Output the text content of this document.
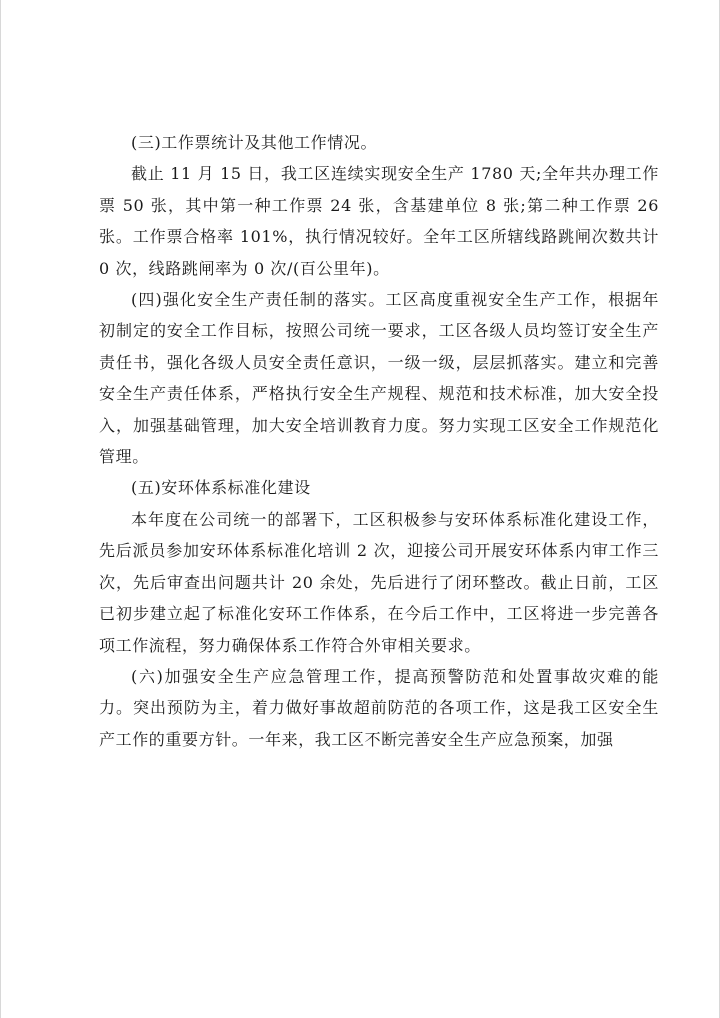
(三)工作票统计及其他工作情况。

截止 11 月 15 日，我工区连续实现安全生产 1780 天;全年共办理工作票 50 张，其中第一种工作票 24 张，含基建单位 8 张;第二种工作票 26 张。工作票合格率 101%，执行情况较好。全年工区所辖线路跳闸次数共计 0 次，线路跳闸率为 0 次/(百公里年)。

(四)强化安全生产责任制的落实。工区高度重视安全生产工作，根据年初制定的安全工作目标，按照公司统一要求，工区各级人员均签订安全生产责任书，强化各级人员安全责任意识，一级一级，层层抓落实。建立和完善安全生产责任体系，严格执行安全生产规程、规范和技术标准，加大安全投入，加强基础管理，加大安全培训教育力度。努力实现工区安全工作规范化管理。

(五)安环体系标准化建设

本年度在公司统一的部署下，工区积极参与安环体系标准化建设工作，先后派员参加安环体系标准化培训 2 次，迎接公司开展安环体系内审工作三次，先后审查出问题共计 20 余处，先后进行了闭环整改。截止日前，工区已初步建立起了标准化安环工作体系，在今后工作中，工区将进一步完善各项工作流程，努力确保体系工作符合外审相关要求。

(六)加强安全生产应急管理工作，提高预警防范和处置事故灾难的能力。突出预防为主，着力做好事故超前防范的各项工作，这是我工区安全生产工作的重要方针。一年来，我工区不断完善安全生产应急预案，加强
